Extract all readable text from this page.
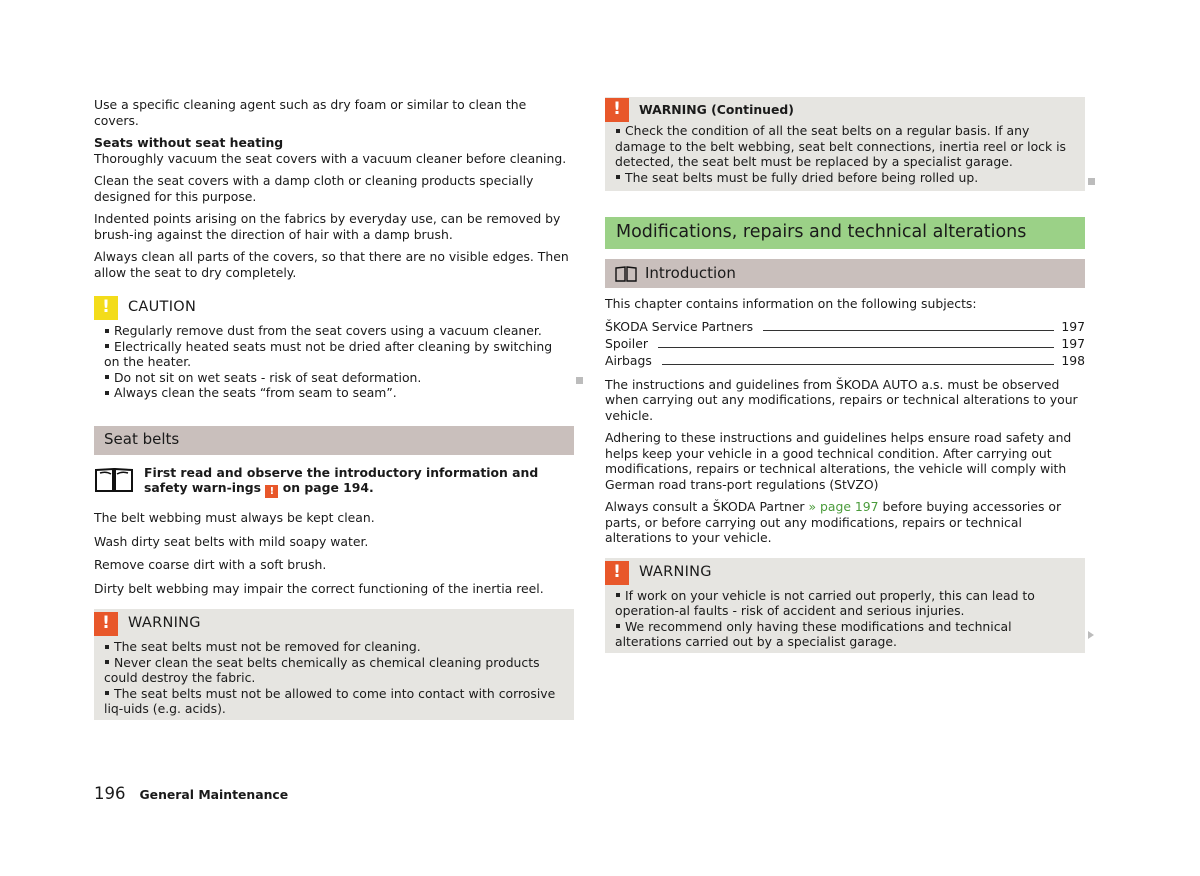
Use a specific cleaning agent such as dry foam or similar to clean the covers.

Seats without seat heating
Thoroughly vacuum the seat covers with a vacuum cleaner before cleaning.

Clean the seat covers with a damp cloth or cleaning products specially designed for this purpose.

Indented points arising on the fabrics by everyday use, can be removed by brush-ing against the direction of hair with a damp brush.

Always clean all parts of the covers, so that there are no visible edges. Then allow the seat to dry completely.

!	CAUTION
Regularly remove dust from the seat covers using a vacuum cleaner.
Electrically heated seats must not be dried after cleaning by switching on the heater.
Do not sit on wet seats - risk of seat deformation.
Always clean the seats “from seam to seam”.
Seat belts
First read and observe the introductory information and safety warn-ings ! on page 194.

The belt webbing must always be kept clean.

Wash dirty seat belts with mild soapy water.

Remove coarse dirt with a soft brush.

Dirty belt webbing may impair the correct functioning of the inertia reel.

!	WARNING
The seat belts must not be removed for cleaning.
Never clean the seat belts chemically as chemical cleaning products could destroy the fabric.
The seat belts must not be allowed to come into contact with corrosive liq-uids (e.g. acids).
!	WARNING (Continued)
Check the condition of all the seat belts on a regular basis. If any damage to the belt webbing, seat belt connections, inertia reel or lock is detected, the seat belt must be replaced by a specialist garage.
The seat belts must be fully dried before being rolled up.
Modifications, repairs and technical alterations
Introduction

This chapter contains information on the following subjects:

ŠKODA Service Partners	197
Spoiler	197
Airbags	198

The instructions and guidelines from ŠKODA AUTO a.s. must be observed when carrying out any modifications, repairs or technical alterations to your vehicle.

Adhering to these instructions and guidelines helps ensure road safety and helps keep your vehicle in a good technical condition. After carrying out modifications, repairs or technical alterations, the vehicle will comply with German road trans-port regulations (StVZO)

Always consult a ŠKODA Partner » page 197 before buying accessories or parts, or before carrying out any modifications, repairs or technical alterations to your vehicle.

!	WARNING
If work on your vehicle is not carried out properly, this can lead to operation-al faults - risk of accident and serious injuries.
We recommend only having these modifications and technical alterations carried out by a specialist garage.
196 General Maintenance
